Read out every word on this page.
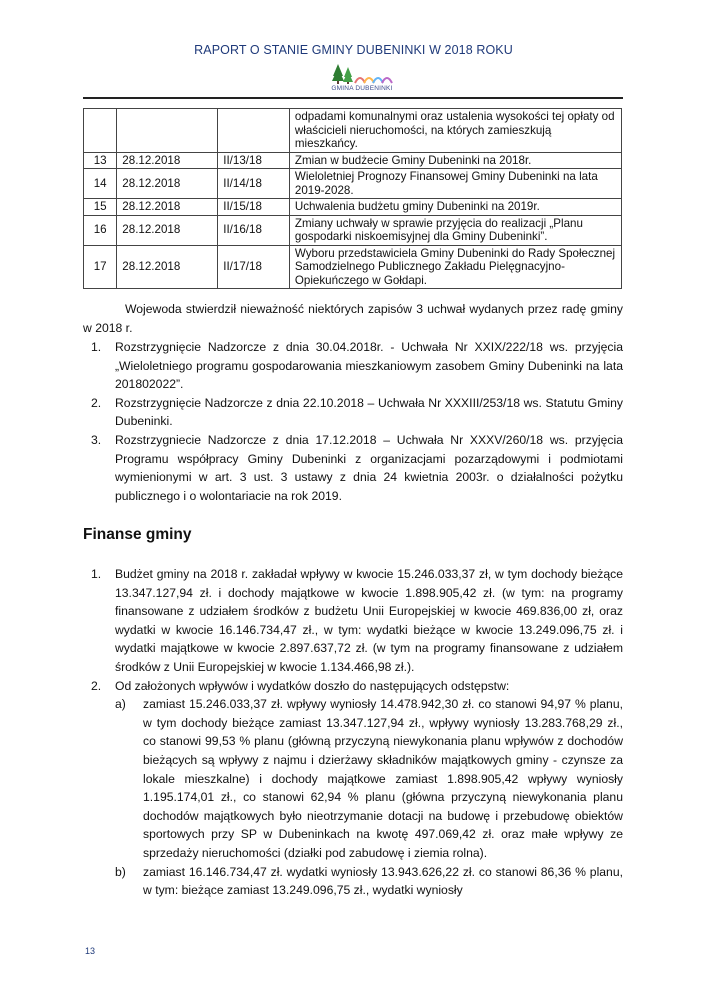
RAPORT O STANIE GMINY DUBENINKI W 2018 ROKU
GMINA DUBENINKI
			odpadami komunalnymi oraz ustalenia wysokości tej opłaty od właścicieli nieruchomości, na których zamieszkują mieszkańcy.
13	28.12.2018	II/13/18	Zmian w budżecie Gminy Dubeninki na 2018r.
14	28.12.2018	II/14/18	Wieloletniej Prognozy Finansowej Gminy Dubeninki na lata 2019-2028.
15	28.12.2018	II/15/18	Uchwalenia budżetu gminy Dubeninki na 2019r.
16	28.12.2018	II/16/18	Zmiany uchwały w sprawie przyjęcia do realizacji „Planu gospodarki niskoemisyjnej dla Gminy Dubeninki”.
17	28.12.2018	II/17/18	Wyboru przedstawiciela Gminy Dubeninki do Rady Społecznej Samodzielnego Publicznego Zakładu Pielęgnacyjno-Opiekuńczego w Gołdapi.
Wojewoda stwierdził nieważność niektórych zapisów 3 uchwał wydanych przez radę gminy w 2018 r.
1. Rozstrzygnięcie Nadzorcze z dnia 30.04.2018r. - Uchwała Nr XXIX/222/18 ws. przyjęcia „Wieloletniego programu gospodarowania mieszkaniowym zasobem Gminy Dubeninki na lata 201802022”.
2. Rozstrzygnięcie Nadzorcze z dnia 22.10.2018 – Uchwała Nr XXXIII/253/18 ws. Statutu Gminy Dubeninki.
3. Rozstrzygniecie Nadzorcze z dnia 17.12.2018 – Uchwała Nr XXXV/260/18 ws. przyjęcia Programu współpracy Gminy Dubeninki z organizacjami pozarządowymi i podmiotami wymienionymi w art. 3 ust. 3 ustawy z dnia 24 kwietnia 2003r. o działalności pożytku publicznego i o wolontariacie na rok 2019.
Finanse gminy
1. Budżet gminy na 2018 r. zakładał wpływy w kwocie 15.246.033,37 zł, w tym dochody bieżące 13.347.127,94 zł. i dochody majątkowe w kwocie 1.898.905,42 zł. (w tym: na programy finansowane z udziałem środków z budżetu Unii Europejskiej w kwocie 469.836,00 zł, oraz wydatki w kwocie 16.146.734,47 zł., w tym: wydatki bieżące w kwocie 13.249.096,75 zł. i wydatki majątkowe w kwocie 2.897.637,72 zł. (w tym na programy finansowane z udziałem środków z Unii Europejskiej w kwocie 1.134.466,98 zł.).
2. Od założonych wpływów i wydatków doszło do następujących odstępstw:
a) zamiast 15.246.033,37 zł. wpływy wyniosły 14.478.942,30 zł. co stanowi 94,97 % planu, w tym dochody bieżące zamiast 13.347.127,94 zł., wpływy wyniosły 13.283.768,29 zł., co stanowi 99,53 % planu (główną przyczyną niewykonania planu wpływów z dochodów bieżących są wpływy z najmu i dzierżawy składników majątkowych gminy - czynsze za lokale mieszkalne) i dochody majątkowe zamiast 1.898.905,42 wpływy wyniosły 1.195.174,01 zł., co stanowi 62,94 % planu (główna przyczyną niewykonania planu dochodów majątkowych było nieotrzymanie dotacji na budowę i przebudowę obiektów sportowych przy SP w Dubeninkach na kwotę 497.069,42 zł. oraz małe wpływy ze sprzedaży nieruchomości (działki pod zabudowę i ziemia rolna).
b) zamiast 16.146.734,47 zł. wydatki wyniosły 13.943.626,22 zł. co stanowi 86,36 % planu, w tym: bieżące zamiast 13.249.096,75 zł., wydatki wyniosły
13
